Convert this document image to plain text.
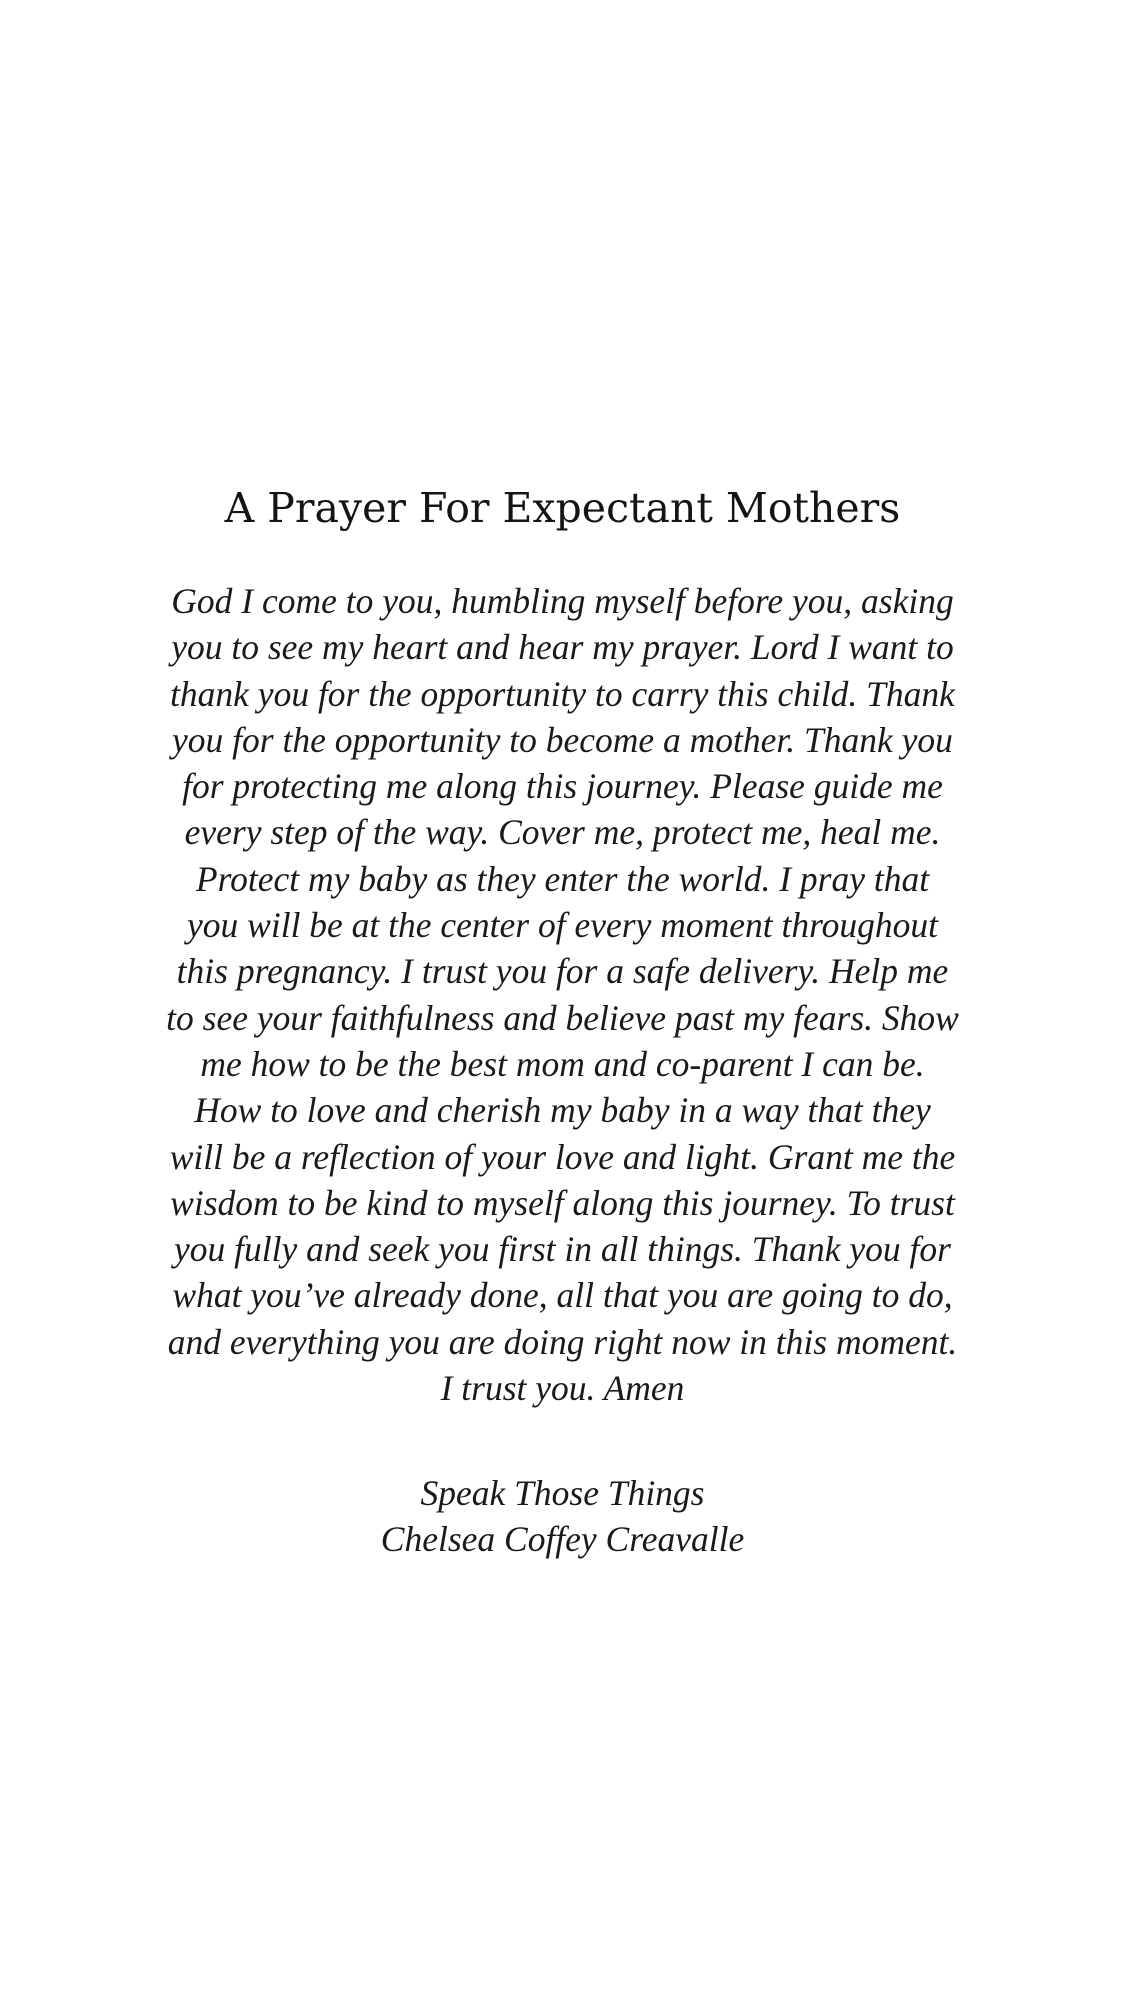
A Prayer For Expectant Mothers
God I come to you, humbling myself before you, asking
you to see my heart and hear my prayer. Lord I want to
thank you for the opportunity to carry this child. Thank
you for the opportunity to become a mother. Thank you
for protecting me along this journey. Please guide me
every step of the way. Cover me, protect me, heal me.
Protect my baby as they enter the world. I pray that
you will be at the center of every moment throughout
this pregnancy. I trust you for a safe delivery. Help me
to see your faithfulness and believe past my fears. Show
me how to be the best mom and co-parent I can be.
How to love and cherish my baby in a way that they
will be a reflection of your love and light. Grant me the
wisdom to be kind to myself along this journey. To trust
you fully and seek you first in all things. Thank you for
what you’ve already done, all that you are going to do,
and everything you are doing right now in this moment.
I trust you. Amen
Speak Those Things
Chelsea Coffey Creavalle
